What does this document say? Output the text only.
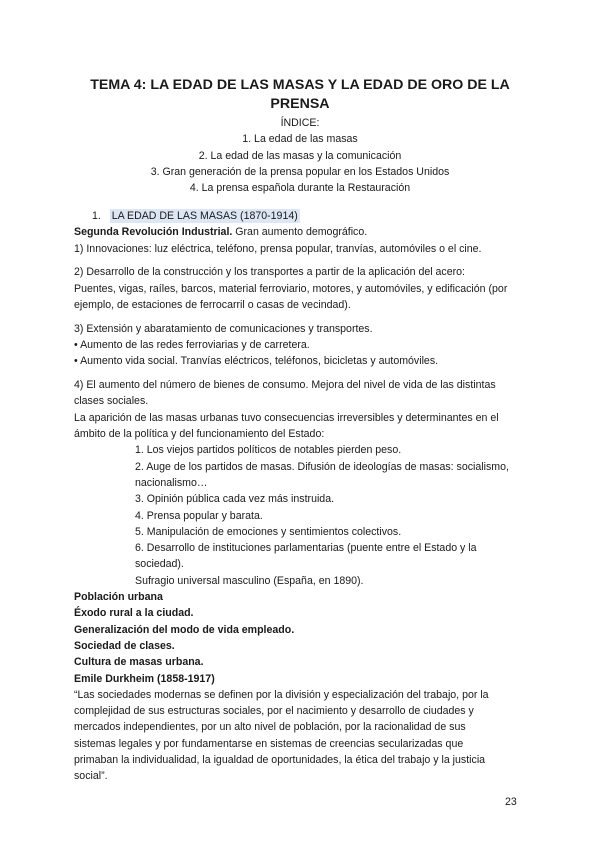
TEMA 4: LA EDAD DE LAS MASAS Y LA EDAD DE ORO DE LA
PRENSA
ÍNDICE:
1. La edad de las masas
2. La edad de las masas y la comunicación
3. Gran generación de la prensa popular en los Estados Unidos
4. La prensa española durante la Restauración

1. LA EDAD DE LAS MASAS (1870-1914)

Segunda Revolución Industrial. Gran aumento demográfico.

1) Innovaciones: luz eléctrica, teléfono, prensa popular, tranvías, automóviles o el cine.

2) Desarrollo de la construcción y los transportes a partir de la aplicación del acero:

Puentes, vigas, raíles, barcos, material ferroviario, motores, y automóviles, y edificación (por

ejemplo, de estaciones de ferrocarril o casas de vecindad).

3) Extensión y abaratamiento de comunicaciones y transportes.

• Aumento de las redes ferroviarias y de carretera.

• Aumento vida social. Tranvías eléctricos, teléfonos, bicicletas y automóviles.

4) El aumento del número de bienes de consumo. Mejora del nivel de vida de las distintas

clases sociales.

La aparición de las masas urbanas tuvo consecuencias irreversibles y determinantes en el

ámbito de la política y del funcionamiento del Estado:

1. Los viejos partidos políticos de notables pierden peso.

2. Auge de los partidos de masas. Difusión de ideologías de masas: socialismo,

nacionalismo…

3. Opinión pública cada vez más instruida.

4. Prensa popular y barata.

5. Manipulación de emociones y sentimientos colectivos.

6. Desarrollo de instituciones parlamentarias (puente entre el Estado y la sociedad).

Sufragio universal masculino (España, en 1890).

Población urbana

Éxodo rural a la ciudad.

Generalización del modo de vida empleado.

Sociedad de clases.

Cultura de masas urbana.

Emile Durkheim (1858-1917)

“Las sociedades modernas se definen por la división y especialización del trabajo, por la

complejidad de sus estructuras sociales, por el nacimiento y desarrollo de ciudades y

mercados independientes, por un alto nivel de población, por la racionalidad de sus

sistemas legales y por fundamentarse en sistemas de creencias secularizadas que

primaban la individualidad, la igualdad de oportunidades, la ética del trabajo y la justicia

social”.

23
